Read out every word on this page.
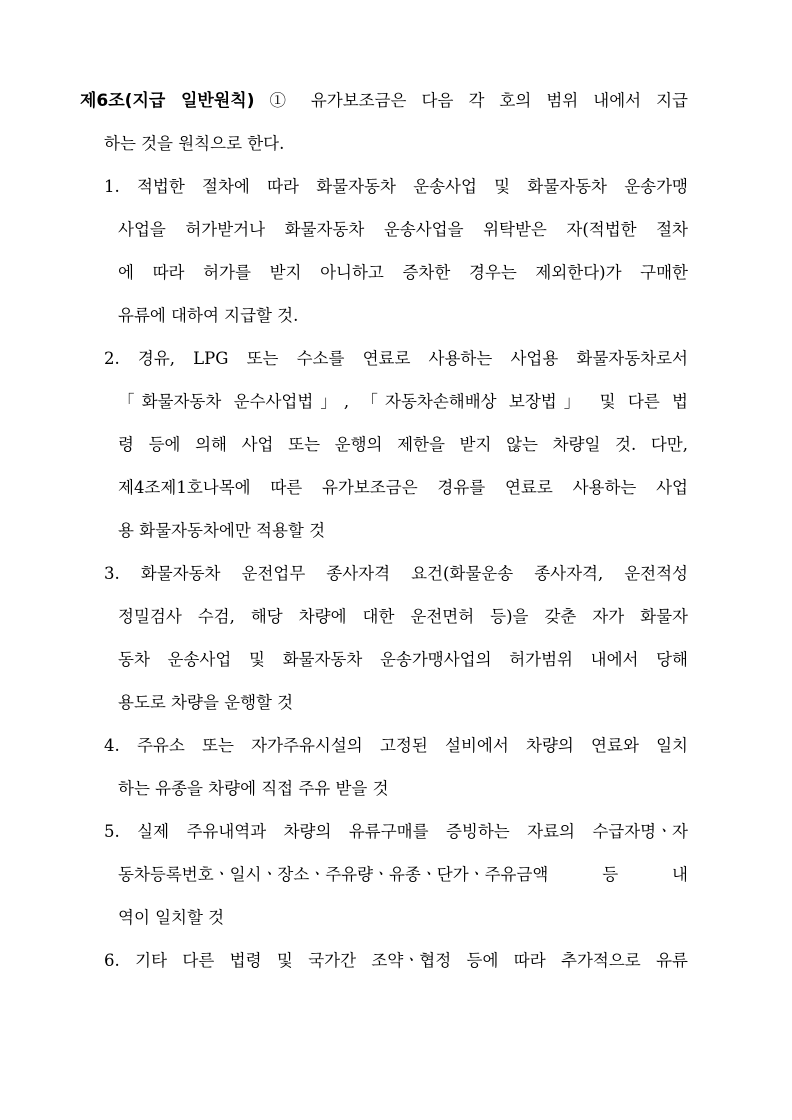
제6조(지급 일반원칙) ① 유가보조금은 다음 각 호의 범위 내에서 지급
하는 것을 원칙으로 한다.
1. 적법한 절차에 따라 화물자동차 운송사업 및 화물자동차 운송가맹
사업을 허가받거나 화물자동차 운송사업을 위탁받은 자(적법한 절차
에 따라 허가를 받지 아니하고 증차한 경우는 제외한다)가 구매한
유류에 대하여 지급할 것.
2. 경유, LPG 또는 수소를 연료로 사용하는 사업용 화물자동차로서
「화물자동차 운수사업법」, 「자동차손해배상 보장법」 및 다른 법
령 등에 의해 사업 또는 운행의 제한을 받지 않는 차량일 것. 다만,
제4조제1호나목에 따른 유가보조금은 경유를 연료로 사용하는 사업
용 화물자동차에만 적용할 것
3. 화물자동차 운전업무 종사자격 요건(화물운송 종사자격, 운전적성
정밀검사 수검, 해당 차량에 대한 운전면허 등)을 갖춘 자가 화물자
동차 운송사업 및 화물자동차 운송가맹사업의 허가범위 내에서 당해
용도로 차량을 운행할 것
4. 주유소 또는 자가주유시설의 고정된 설비에서 차량의 연료와 일치
하는 유종을 차량에 직접 주유 받을 것
5. 실제 주유내역과 차량의 유류구매를 증빙하는 자료의 수급자명ㆍ자
동차등록번호ㆍ일시ㆍ장소ㆍ주유량ㆍ유종ㆍ단가ㆍ주유금액 등 내
역이 일치할 것
6. 기타 다른 법령 및 국가간 조약ㆍ협정 등에 따라 추가적으로 유류
